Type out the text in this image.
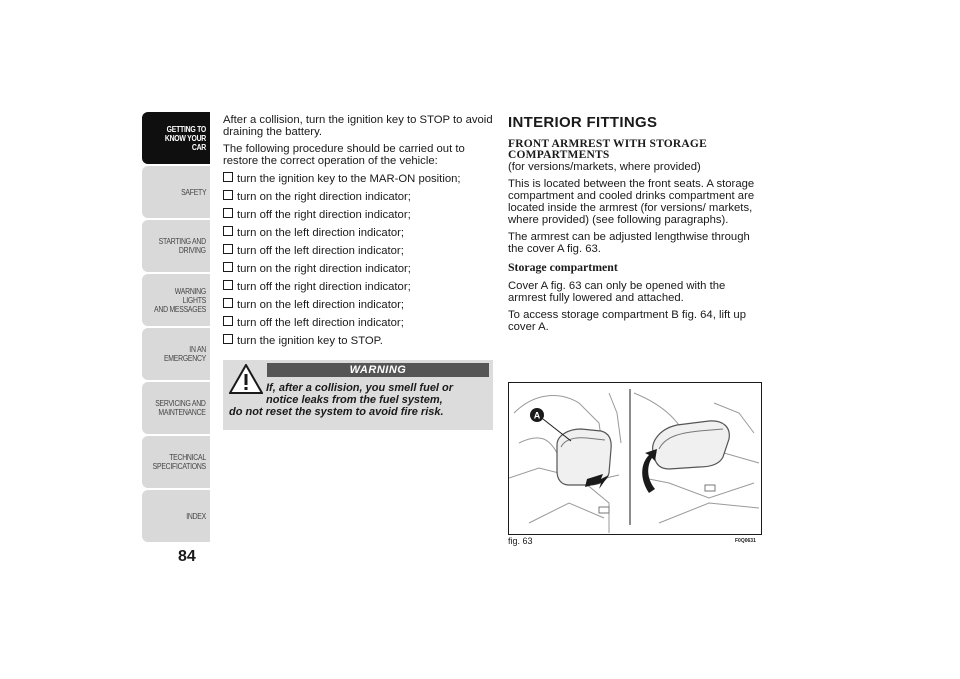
GETTING TO
KNOW YOUR CAR
SAFETY
STARTING AND
DRIVING
WARNING LIGHTS
AND MESSAGES
IN AN EMERGENCY
SERVICING AND
MAINTENANCE
TECHNICAL
SPECIFICATIONS
INDEX
84

After a collision, turn the ignition key to STOP to avoid draining the battery.

The following procedure should be carried out to restore the correct operation of the vehicle:

turn the ignition key to the MAR-ON position;
turn on the right direction indicator;
turn off the right direction indicator;
turn on the left direction indicator;
turn off the left direction indicator;
turn on the right direction indicator;
turn off the right direction indicator;
turn on the left direction indicator;
turn off the left direction indicator;
turn the ignition key to STOP.
WARNING
If, after a collision, you smell fuel or
notice leaks from the fuel system,
do not reset the system to avoid fire risk.
INTERIOR FITTINGS
FRONT ARMREST WITH STORAGE COMPARTMENTS

(for versions/markets, where provided)

This is located between the front seats. A storage compartment and cooled drinks compartment are located inside the armrest (for versions/ markets, where provided) (see following paragraphs).

The armrest can be adjusted lengthwise through the cover A fig. 63.

Storage compartment

Cover A fig. 63 can only be opened with the armrest fully lowered and attached.

To access storage compartment B fig. 64, lift up cover A.

A
fig. 63	F0Q0631
